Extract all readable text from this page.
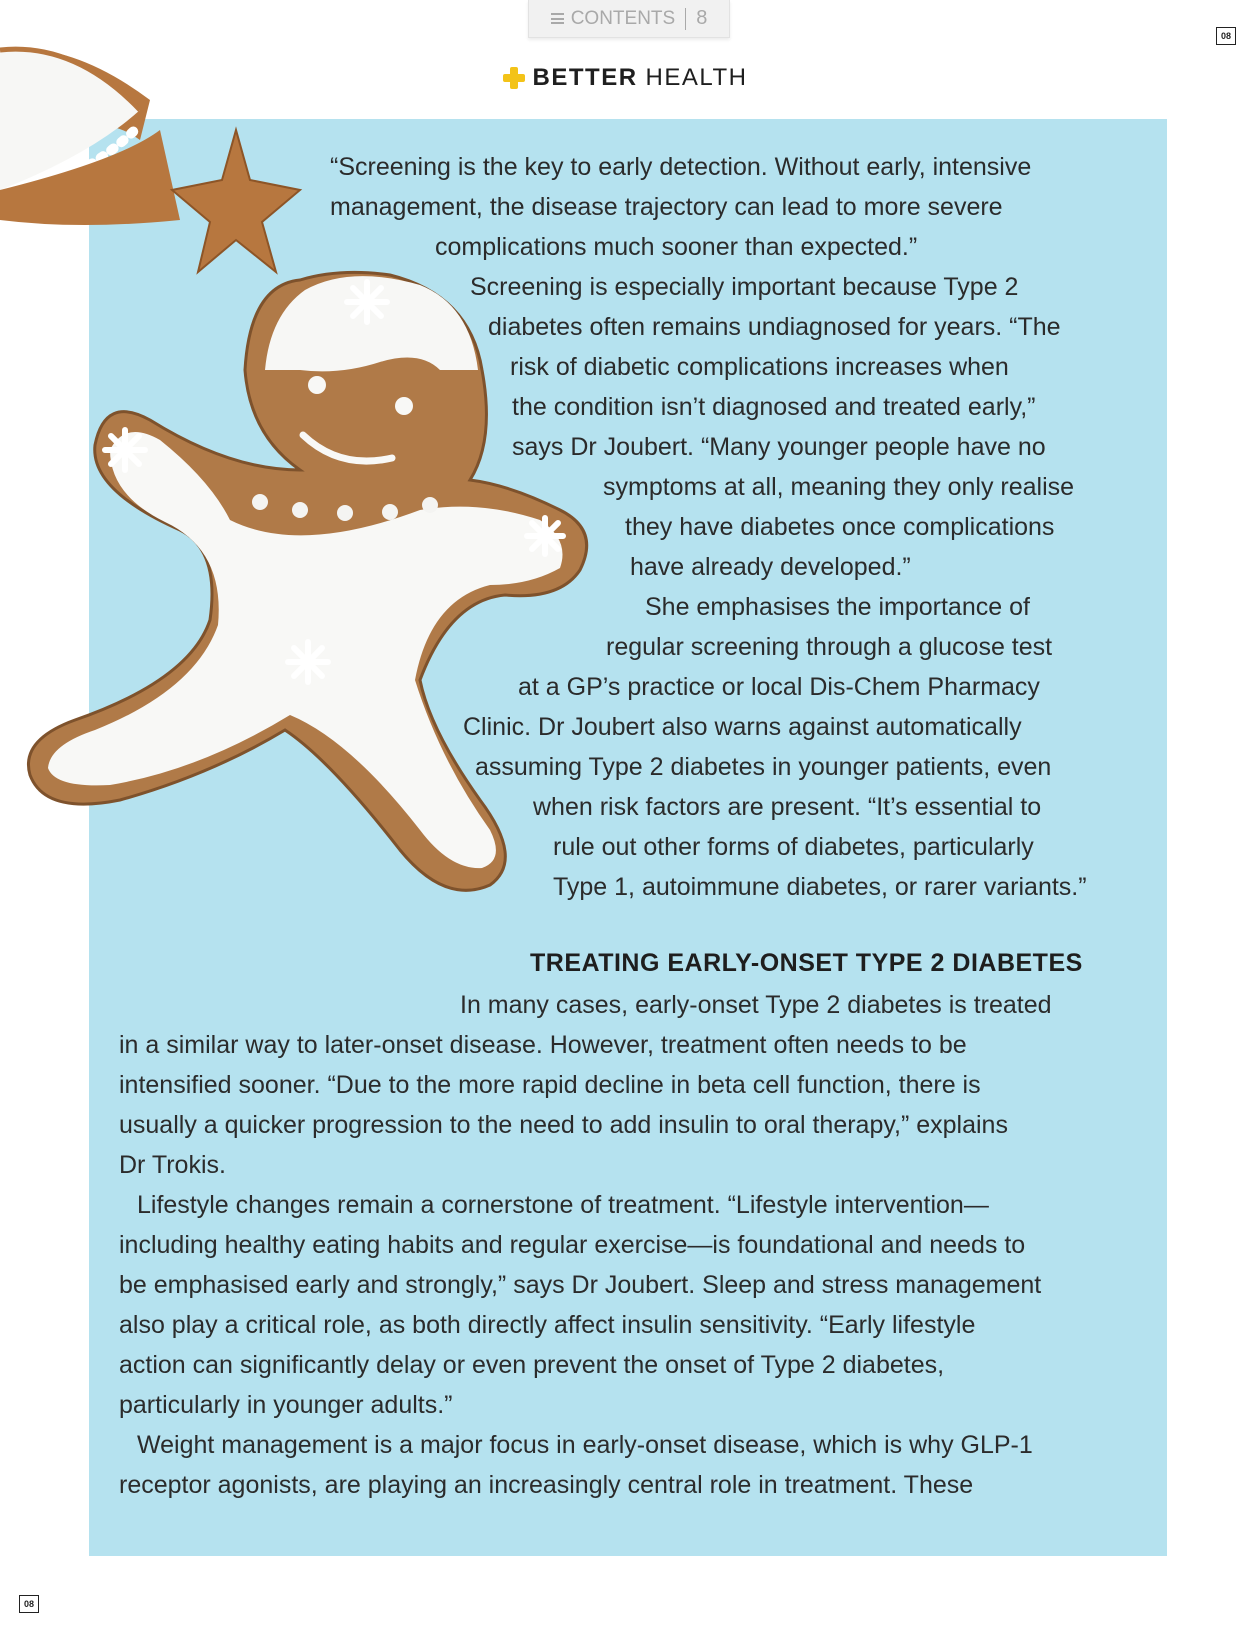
CONTENTS 8
08
08
BETTER HEALTH
“Screening is the key to early detection. Without early, intensive
management, the disease trajectory can lead to more severe
complications much sooner than expected.”
Screening is especially important because Type 2
diabetes often remains undiagnosed for years. “The
risk of diabetic complications increases when
the condition isn’t diagnosed and treated early,”
says Dr Joubert. “Many younger people have no
symptoms at all, meaning they only realise
they have diabetes once complications
have already developed.”
She emphasises the importance of
regular screening through a glucose test
at a GP’s practice or local Dis-Chem Pharmacy
Clinic. Dr Joubert also warns against automatically
assuming Type 2 diabetes in younger patients, even
when risk factors are present. “It’s essential to
rule out other forms of diabetes, particularly
Type 1, autoimmune diabetes, or rarer variants.”
TREATING EARLY-ONSET TYPE 2 DIABETES
In many cases, early-onset Type 2 diabetes is treated
in a similar way to later-onset disease. However, treatment often needs to be
intensified sooner. “Due to the more rapid decline in beta cell function, there is
usually a quicker progression to the need to add insulin to oral therapy,” explains
Dr Trokis.
Lifestyle changes remain a cornerstone of treatment. “Lifestyle intervention—
including healthy eating habits and regular exercise—is foundational and needs to
be emphasised early and strongly,” says Dr Joubert. Sleep and stress management
also play a critical role, as both directly affect insulin sensitivity. “Early lifestyle
action can significantly delay or even prevent the onset of Type 2 diabetes,
particularly in younger adults.”
Weight management is a major focus in early-onset disease, which is why GLP-1
receptor agonists, are playing an increasingly central role in treatment. These
